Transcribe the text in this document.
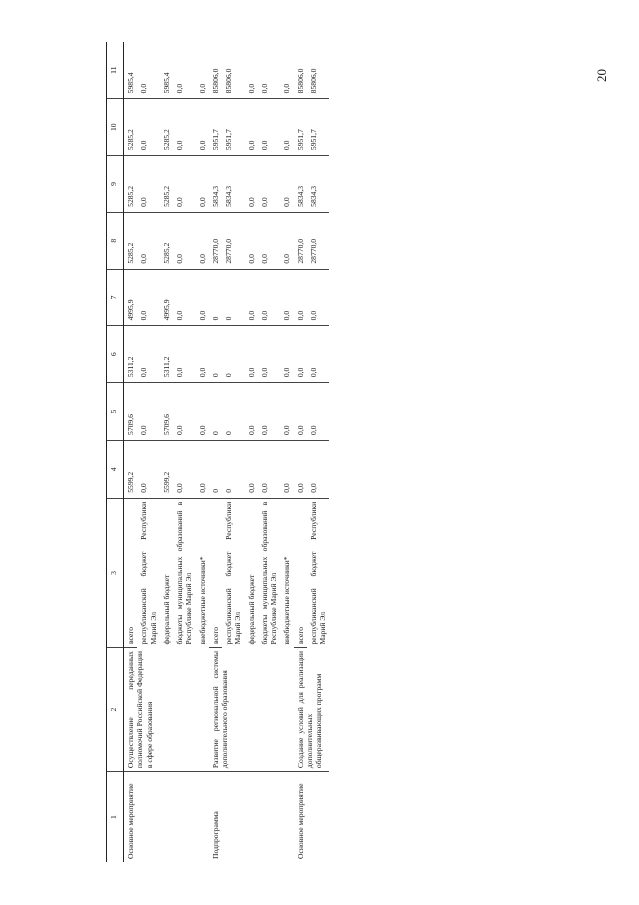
1	2	3	4	5	6	7	8	9	10	11
Основное мероприятие	Осуществление переданных полномочий Российской Федерации в сфере образования	всего	5599,2	5709,6	5311,2	4995,9	5285,2	5285,2	5285,2	5985,4
		республиканский бюджет Республики Марий Эл	0,0	0,0	0,0	0,0	0,0	0,0	0,0	0,0
		федеральный бюджет	5599,2	5709,6	5311,2	4995,9	5285,2	5285,2	5285,2	5985,4
		бюджеты муниципальных образований в Республике Марий Эл	0,0	0,0	0,0	0,0	0,0	0,0	0,0	0,0
		внебюджетные источники*	0,0	0,0	0,0	0,0	0,0	0,0	0,0	0,0
Подпрограмма	Развитие региональной системы дополнительного образования	всего	0	0	0	0	28770,0	5834,3	5951,7	85806,0
		республиканский бюджет Республики Марий Эл	0	0	0	0	28770,0	5834,3	5951,7	85806,0
		федеральный бюджет	0,0	0,0	0,0	0,0	0,0	0,0	0,0	0,0
		бюджеты муниципальных образований в Республике Марий Эл	0,0	0,0	0,0	0,0	0,0	0,0	0,0	0,0
		внебюджетные источники*	0,0	0,0	0,0	0,0	0,0	0,0	0,0	0,0
Основное мероприятие	Создание условий для реализации дополнительных общеразвивающих программ	всего	0,0	0,0	0,0	0,0	28770,0	5834,3	5951,7	85806,0
		республиканский бюджет Республики Марий Эл	0,0	0,0	0,0	0,0	28770,0	5834,3	5951,7	85806,0	20
